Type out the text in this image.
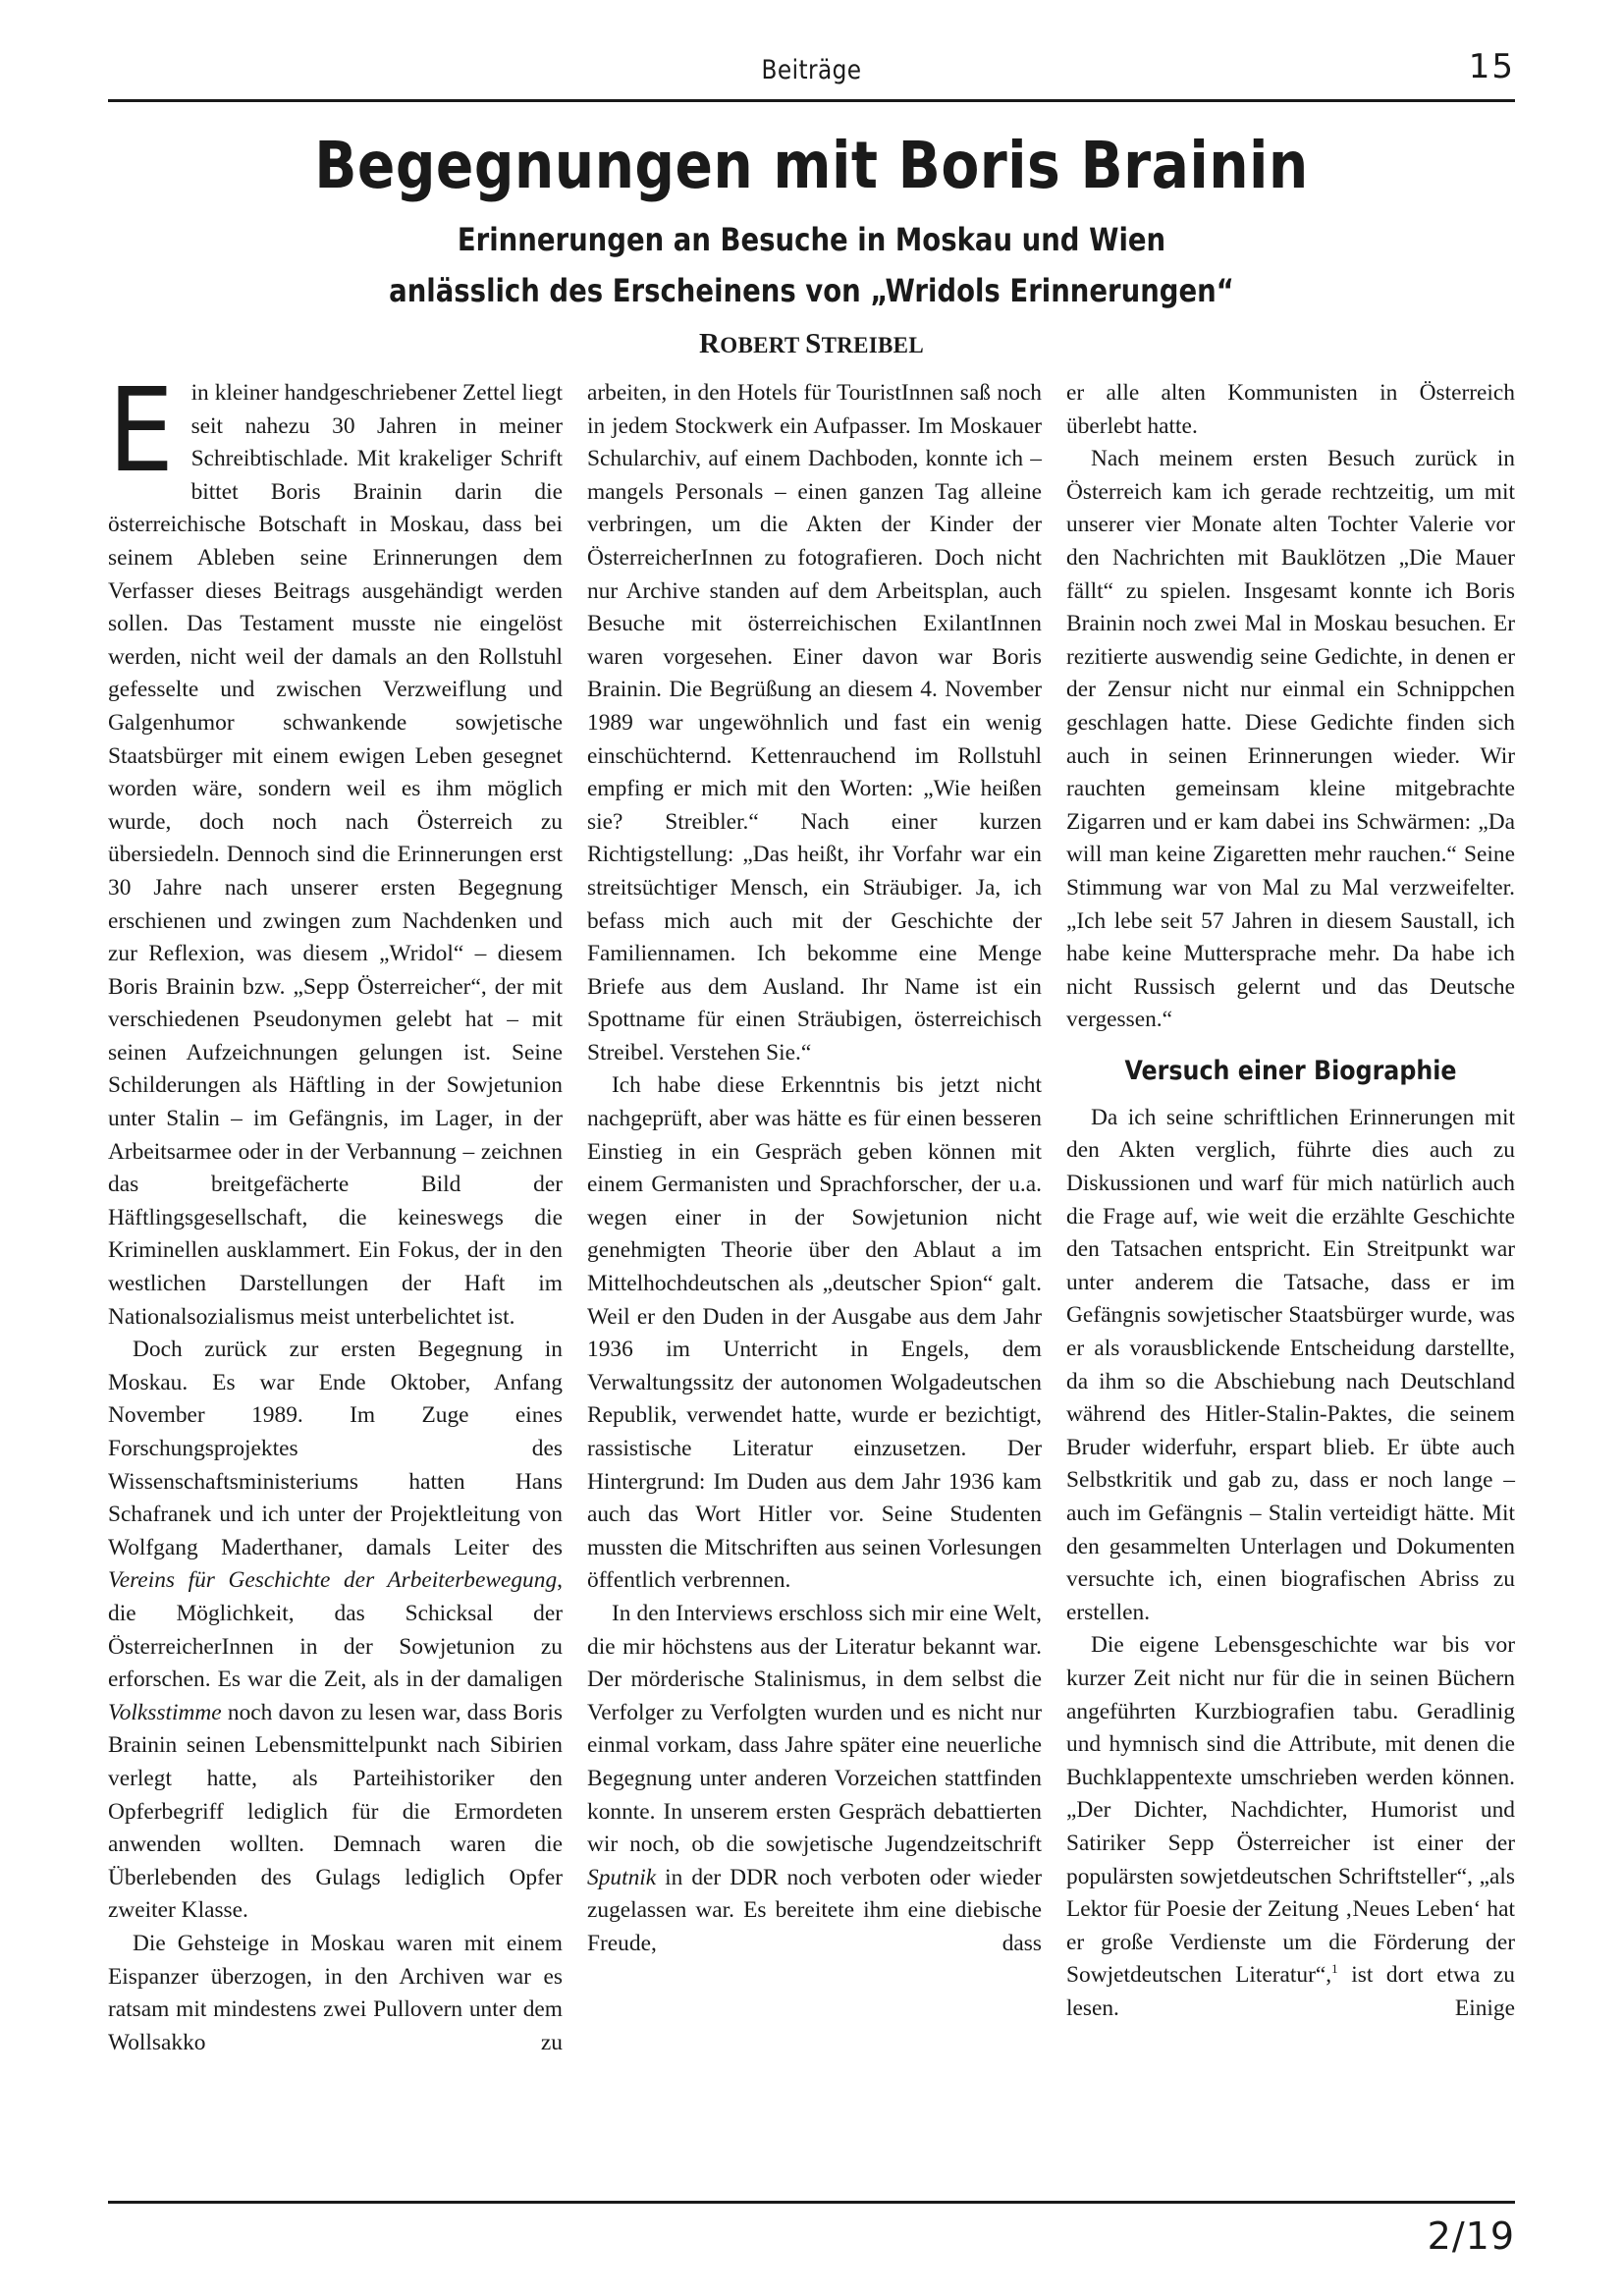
Beiträge	15
Begegnungen mit Boris Brainin
Erinnerungen an Besuche in Moskau und Wien
anlässlich des Erscheinens von „Wridols Erinnerungen“
ROBERT STREIBEL

Ein kleiner handgeschriebener Zettel liegt seit nahezu 30 Jahren in meiner Schreibtischlade. Mit krakeliger Schrift bittet Boris Brainin darin die österreichische Botschaft in Moskau, dass bei seinem Ableben seine Erinnerungen dem Verfasser dieses Beitrags ausgehändigt werden sollen. Das Testament musste nie eingelöst werden, nicht weil der damals an den Rollstuhl gefesselte und zwischen Verzweiflung und Galgenhumor schwankende sowjetische Staatsbürger mit einem ewigen Leben gesegnet worden wäre, sondern weil es ihm möglich wurde, doch noch nach Österreich zu übersiedeln. Dennoch sind die Erinnerungen erst 30 Jahre nach unserer ersten Begegnung erschienen und zwingen zum Nachdenken und zur Reflexion, was diesem „Wridol“ – diesem Boris Brainin bzw. „Sepp Österreicher“, der mit verschiedenen Pseudonymen gelebt hat – mit seinen Aufzeichnungen gelungen ist. Seine Schilderungen als Häftling in der Sowjetunion unter Stalin – im Gefängnis, im Lager, in der Arbeitsarmee oder in der Verbannung – zeichnen das breitgefächerte Bild der Häftlingsgesellschaft, die keineswegs die Kriminellen ausklammert. Ein Fokus, der in den westlichen Darstellungen der Haft im Nationalsozialismus meist unterbelichtet ist.

Doch zurück zur ersten Begegnung in Moskau. Es war Ende Oktober, Anfang November 1989. Im Zuge eines Forschungsprojektes des Wissenschaftsministeriums hatten Hans Schafranek und ich unter der Projektleitung von Wolfgang Maderthaner, damals Leiter des Vereins für Geschichte der Arbeiterbewegung, die Möglichkeit, das Schicksal der ÖsterreicherInnen in der Sowjetunion zu erforschen. Es war die Zeit, als in der damaligen Volksstimme noch davon zu lesen war, dass Boris Brainin seinen Lebensmittelpunkt nach Sibirien verlegt hatte, als Parteihistoriker den Opferbegriff lediglich für die Ermordeten anwenden wollten. Demnach waren die Überlebenden des Gulags lediglich Opfer zweiter Klasse.

Die Gehsteige in Moskau waren mit einem Eispanzer überzogen, in den Archiven war es ratsam mit mindestens zwei Pullovern unter dem Wollsakko zu

arbeiten, in den Hotels für TouristInnen saß noch in jedem Stockwerk ein Aufpasser. Im Moskauer Schularchiv, auf einem Dachboden, konnte ich – mangels Personals – einen ganzen Tag alleine verbringen, um die Akten der Kinder der ÖsterreicherInnen zu fotografieren. Doch nicht nur Archive standen auf dem Arbeitsplan, auch Besuche mit österreichischen ExilantInnen waren vorgesehen. Einer davon war Boris Brainin. Die Begrüßung an diesem 4. November 1989 war ungewöhnlich und fast ein wenig einschüchternd. Kettenrauchend im Rollstuhl empfing er mich mit den Worten: „Wie heißen sie? Streibler.“ Nach einer kurzen Richtigstellung: „Das heißt, ihr Vorfahr war ein streitsüchtiger Mensch, ein Sträubiger. Ja, ich befass mich auch mit der Geschichte der Familiennamen. Ich bekomme eine Menge Briefe aus dem Ausland. Ihr Name ist ein Spottname für einen Sträubigen, österreichisch Streibel. Verstehen Sie.“

Ich habe diese Erkenntnis bis jetzt nicht nachgeprüft, aber was hätte es für einen besseren Einstieg in ein Gespräch geben können mit einem Germanisten und Sprachforscher, der u.a. wegen einer in der Sowjetunion nicht genehmigten Theorie über den Ablaut a im Mittelhochdeutschen als „deutscher Spion“ galt. Weil er den Duden in der Ausgabe aus dem Jahr 1936 im Unterricht in Engels, dem Verwaltungssitz der autonomen Wolgadeutschen Republik, verwendet hatte, wurde er bezichtigt, rassistische Literatur einzusetzen. Der Hintergrund: Im Duden aus dem Jahr 1936 kam auch das Wort Hitler vor. Seine Studenten mussten die Mitschriften aus seinen Vorlesungen öffentlich verbrennen.

In den Interviews erschloss sich mir eine Welt, die mir höchstens aus der Literatur bekannt war. Der mörderische Stalinismus, in dem selbst die Verfolger zu Verfolgten wurden und es nicht nur einmal vorkam, dass Jahre später eine neuerliche Begegnung unter anderen Vorzeichen stattfinden konnte. In unserem ersten Gespräch debattierten wir noch, ob die sowjetische Jugendzeitschrift Sputnik in der DDR noch verboten oder wieder zugelassen war. Es bereitete ihm eine diebische Freude, dass

er alle alten Kommunisten in Österreich überlebt hatte.

Nach meinem ersten Besuch zurück in Österreich kam ich gerade rechtzeitig, um mit unserer vier Monate alten Tochter Valerie vor den Nachrichten mit Bauklötzen „Die Mauer fällt“ zu spielen. Insgesamt konnte ich Boris Brainin noch zwei Mal in Moskau besuchen. Er rezitierte auswendig seine Gedichte, in denen er der Zensur nicht nur einmal ein Schnippchen geschlagen hatte. Diese Gedichte finden sich auch in seinen Erinnerungen wieder. Wir rauchten gemeinsam kleine mitgebrachte Zigarren und er kam dabei ins Schwärmen: „Da will man keine Zigaretten mehr rauchen.“ Seine Stimmung war von Mal zu Mal verzweifelter. „Ich lebe seit 57 Jahren in diesem Saustall, ich habe keine Muttersprache mehr. Da habe ich nicht Russisch gelernt und das Deutsche vergessen.“

Versuch einer Biographie

Da ich seine schriftlichen Erinnerungen mit den Akten verglich, führte dies auch zu Diskussionen und warf für mich natürlich auch die Frage auf, wie weit die erzählte Geschichte den Tatsachen entspricht. Ein Streitpunkt war unter anderem die Tatsache, dass er im Gefängnis sowjetischer Staatsbürger wurde, was er als vorausblickende Entscheidung darstellte, da ihm so die Abschiebung nach Deutschland während des Hitler-Stalin-Paktes, die seinem Bruder widerfuhr, erspart blieb. Er übte auch Selbstkritik und gab zu, dass er noch lange – auch im Gefängnis – Stalin verteidigt hätte. Mit den gesammelten Unterlagen und Dokumenten versuchte ich, einen biografischen Abriss zu erstellen.

Die eigene Lebensgeschichte war bis vor kurzer Zeit nicht nur für die in seinen Büchern angeführten Kurzbiografien tabu. Geradlinig und hymnisch sind die Attribute, mit denen die Buchklappentexte umschrieben werden können. „Der Dichter, Nachdichter, Humorist und Satiriker Sepp Österreicher ist einer der populärsten sowjetdeutschen Schriftsteller“, „als Lektor für Poesie der Zeitung ‚Neues Leben‘ hat er große Verdienste um die Förderung der Sowjetdeutschen Literatur“,$^1$ ist dort etwa zu lesen. Einige

2/19
